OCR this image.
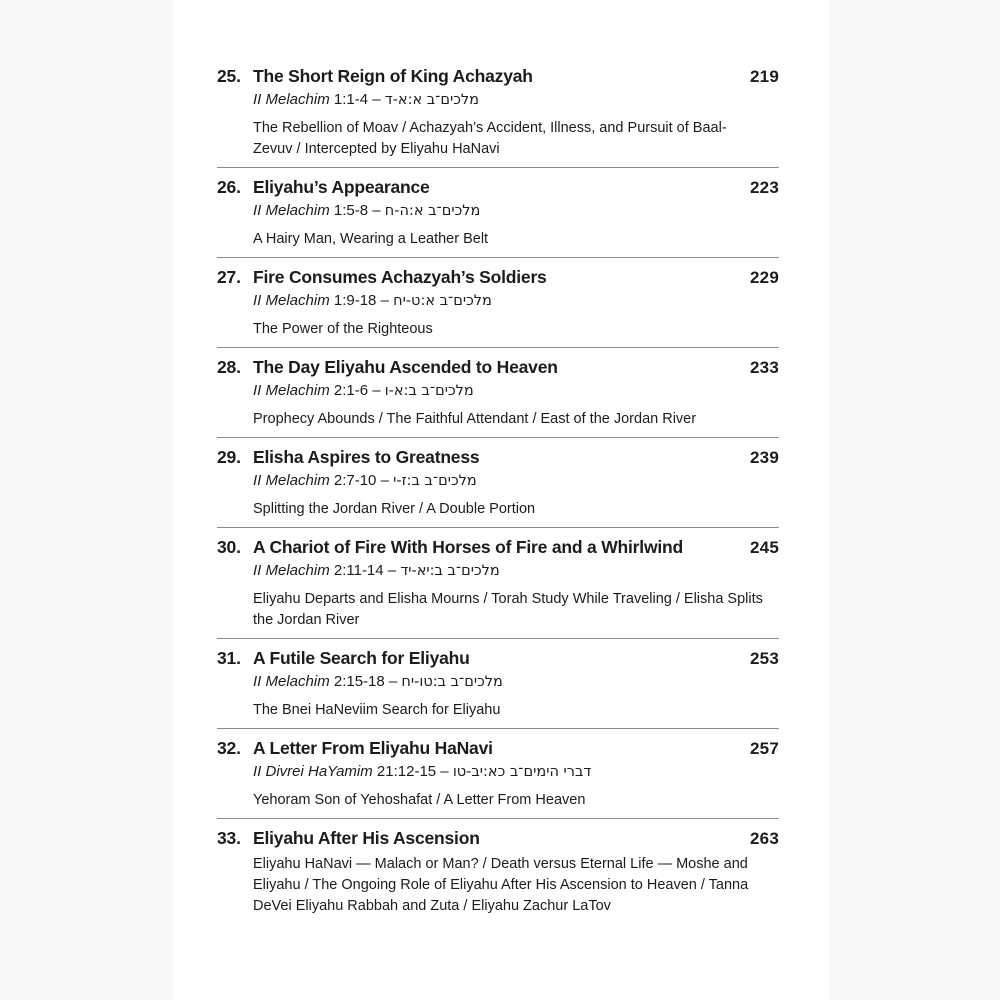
25. The Short Reign of King Achazyah	219
II Melachim 1:1-4 – מלכים־ב א:א-ד
The Rebellion of Moav / Achazyah’s Accident, Illness, and Pursuit of Baal-Zevuv / Intercepted by Eliyahu HaNavi
26. Eliyahu’s Appearance	223
II Melachim 1:5-8 – מלכים־ב א:ה-ח
A Hairy Man, Wearing a Leather Belt
27. Fire Consumes Achazyah’s Soldiers	229
II Melachim 1:9-18 – מלכים־ב א:ט-יח
The Power of the Righteous
28. The Day Eliyahu Ascended to Heaven	233
II Melachim 2:1-6 – מלכים־ב ב:א-ו
Prophecy Abounds / The Faithful Attendant / East of the Jordan River
29. Elisha Aspires to Greatness	239
II Melachim 2:7-10 – מלכים־ב ב:ז-י
Splitting the Jordan River / A Double Portion
30. A Chariot of Fire With Horses of Fire and a Whirlwind	245
II Melachim 2:11-14 – מלכים־ב ב:יא-יד
Eliyahu Departs and Elisha Mourns / Torah Study While Traveling / Elisha Splits the Jordan River
31. A Futile Search for Eliyahu	253
II Melachim 2:15-18 – מלכים־ב ב:טו-יח
The Bnei HaNeviim Search for Eliyahu
32. A Letter From Eliyahu HaNavi	257
II Divrei HaYamim 21:12-15 – דברי הימים־ב כא:יב-טו
Yehoram Son of Yehoshafat / A Letter From Heaven
33. Eliyahu After His Ascension	263
Eliyahu HaNavi — Malach or Man? / Death versus Eternal Life — Moshe and Eliyahu / The Ongoing Role of Eliyahu After His Ascension to Heaven / Tanna DeVei Eliyahu Rabbah and Zuta / Eliyahu Zachur LaTov
